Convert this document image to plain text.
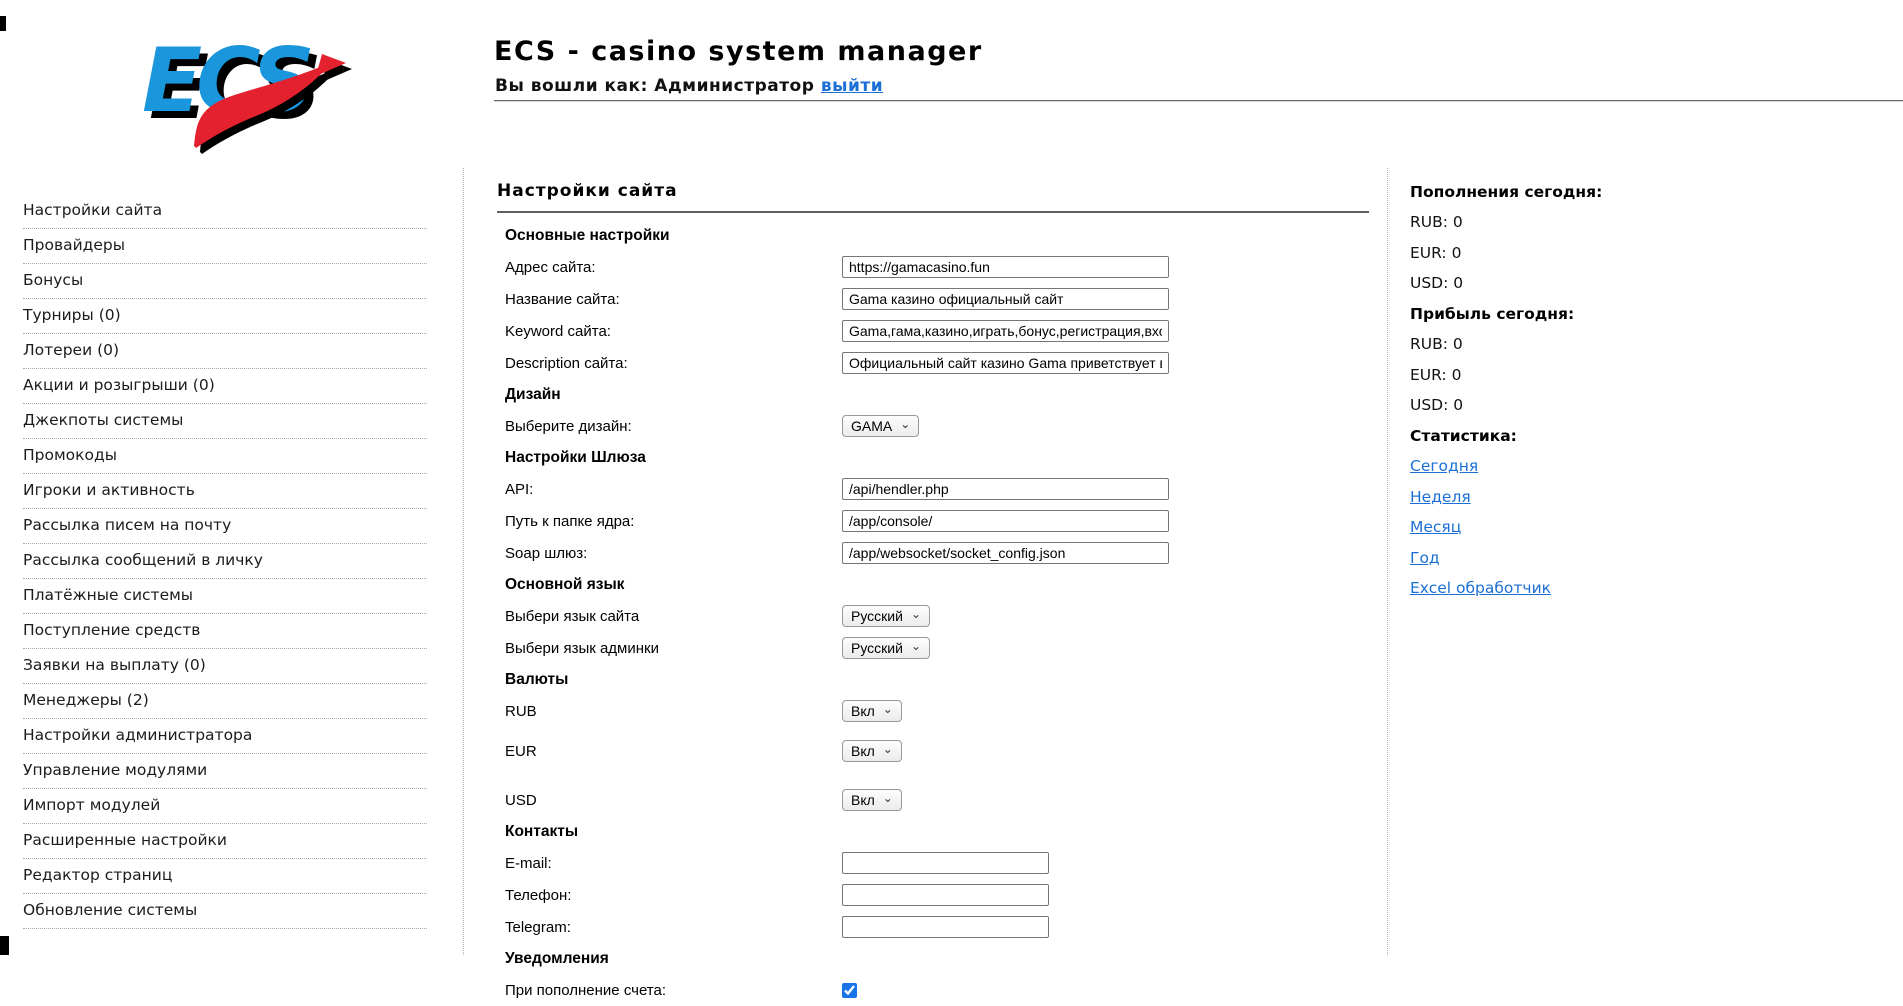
ECS - casino system manager
Вы вошли как: Администратор выйти
Настройки сайта
Провайдеры
Бонусы
Турниры (0)
Лотереи (0)
Акции и розыгрыши (0)
Джекпоты системы
Промокоды
Игроки и активность
Рассылка писем на почту
Рассылка сообщений в личку
Платёжные системы
Поступление средств
Заявки на выплату (0)
Менеджеры (2)
Настройки администратора
Управление модулями
Импорт модулей
Расширенные настройки
Редактор страниц
Обновление системы
Настройки сайта
Основные настройки
Адрес сайта:
https://gamacasino.fun
Название сайта:
Gama казино официальный сайт
Keyword сайта:
Gama,гама,казино,играть,бонус,регистрация,вход,рул
Description сайта:
Официальный сайт казино Gama приветствует всех и
Дизайн
Выберите дизайн:	GAMA ⌄
Настройки Шлюза
API:
/api/hendler.php
Путь к папке ядра:
/app/console/
Soap шлюз:
/app/websocket/socket_config.json
Основной язык
Выбери язык сайта	Русский ⌄
Выбери язык админки	Русский ⌄
Валюты
RUB	Вкл ⌄
EUR	Вкл ⌄
USD	Вкл ⌄
Контакты
E-mail:
Телефон:
Telegram:
Уведомления
При пополнение счета:
Пополнения сегодня:
RUB: 0
EUR: 0
USD: 0
Прибыль сегодня:
RUB: 0
EUR: 0
USD: 0
Статистика:
Сегодня
Неделя
Месяц
Год
Excel обработчик
